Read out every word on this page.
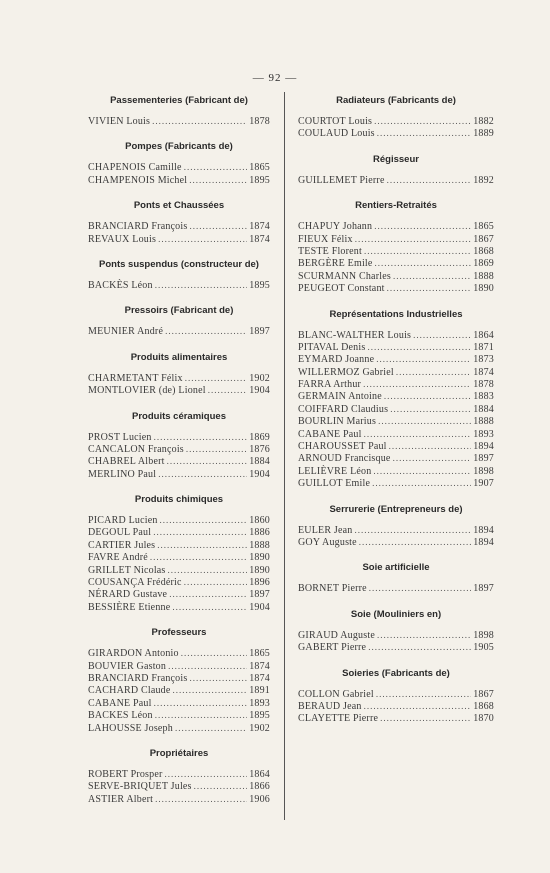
— 92 —
Passementeries (Fabricant de)
VIVIEN Louis .....	1878
Pompes (Fabricants de)
CHAPENOIS Camille .....	1865
CHAMPENOIS Michel .....	1895
Ponts et Chaussées
BRANCIARD François .....	1874
REVAUX Louis .....	1874
Ponts suspendus (constructeur de)
BACKÈS Léon .....	1895
Pressoirs (Fabricant de)
MEUNIER André .....	1897
Produits alimentaires
CHARMETANT Félix .....	1902
MONTLOVIER (de) Lionel .....	1904
Produits céramiques
PROST Lucien .....	1869
CANCALON François .....	1876
CHABREL Albert .....	1884
MERLINO Paul .....	1904
Produits chimiques
PICARD Lucien .....	1860
DEGOUL Paul .....	1886
CARTIER Jules .....	1888
FAVRE André .....	1890
GRILLET Nicolas .....	1890
COUSANÇA Frédéric .....	1896
NÉRARD Gustave .....	1897
BESSIÈRE Etienne .....	1904
Professeurs
GIRARDON Antonio .....	1865
BOUVIER Gaston .....	1874
BRANCIARD François .....	1874
CACHARD Claude .....	1891
CABANE Paul .....	1893
BACKES Léon .....	1895
LAHOUSSE Joseph .....	1902
Propriétaires
ROBERT Prosper .....	1864
SERVE-BRIQUET Jules .....	1866
ASTIER Albert .....	1906
Radiateurs (Fabricants de)
COURTOT Louis .....	1882
COULAUD Louis .....	1889
Régisseur
GUILLEMET Pierre .....	1892
Rentiers-Retraités
CHAPUY Johann .....	1865
FIEUX Félix .....	1867
TESTE Florent .....	1868
BERGÈRE Emile .....	1869
SCURMANN Charles .....	1888
PEUGEOT Constant .....	1890
Représentations Industrielles
BLANC-WALTHER Louis .....	1864
PITAVAL Denis .....	1871
EYMARD Joanne .....	1873
WILLERMOZ Gabriel .....	1874
FARRA Arthur .....	1878
GERMAIN Antoine .....	1883
COIFFARD Claudius .....	1884
BOURLIN Marius .....	1888
CABANE Paul .....	1893
CHAROUSSET Paul .....	1894
ARNOUD Francisque .....	1897
LELIÈVRE Léon .....	1898
GUILLOT Emile .....	1907
Serrurerie (Entrepreneurs de)
EULER Jean .....	1894
GOY Auguste .....	1894
Soie artificielle
BORNET Pierre .....	1897
Soie (Mouliniers en)
GIRAUD Auguste .....	1898
GABERT Pierre .....	1905
Soieries (Fabricants de)
COLLON Gabriel .....	1867
BERAUD Jean .....	1868
CLAYETTE Pierre .....	1870
